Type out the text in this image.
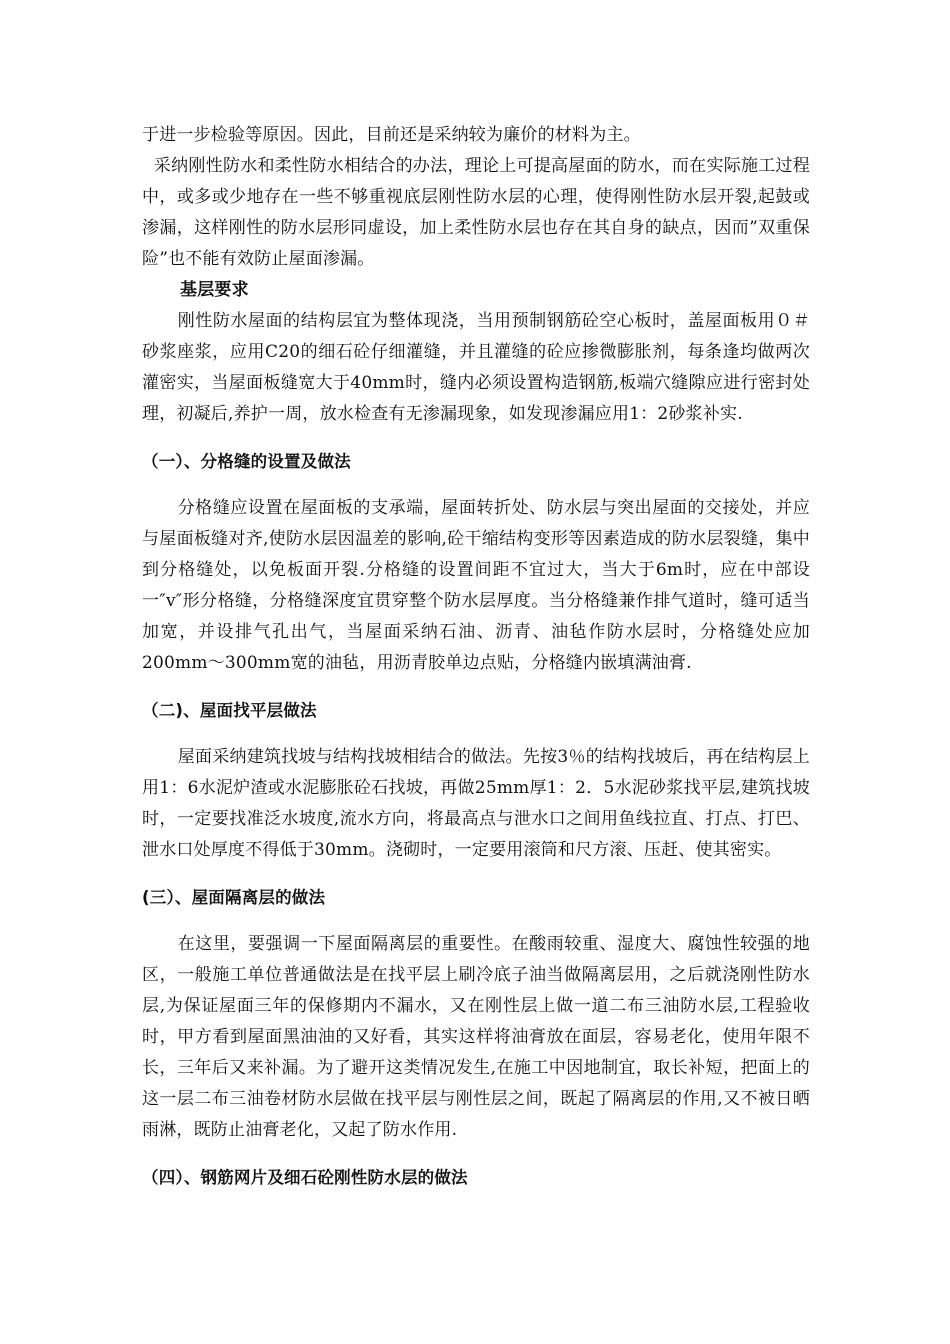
于进一步检验等原因。因此，目前还是采纳较为廉价的材料为主。

采纳刚性防水和柔性防水相结合的办法，理论上可提高屋面的防水，而在实际施工过程中，或多或少地存在一些不够重视底层刚性防水层的心理，使得刚性防水层开裂,起鼓或渗漏，这样刚性的防水层形同虚设，加上柔性防水层也存在其自身的缺点，因而”双重保险”也不能有效防止屋面渗漏。

基层要求

刚性防水屋面的结构层宜为整体现浇，当用预制钢筋砼空心板时，盖屋面板用０＃砂浆座浆，应用C20的细石砼仔细灌缝，并且灌缝的砼应掺微膨胀剂，每条逢均做两次灌密实，当屋面板缝宽大于40mm时，缝内必须设置构造钢筋,板端穴缝隙应进行密封处理，初凝后,养护一周，放水检查有无渗漏现象，如发现渗漏应用1：2砂浆补实.

（一）、分格缝的设置及做法

分格缝应设置在屋面板的支承端，屋面转折处、防水层与突出屋面的交接处，并应与屋面板缝对齐,使防水层因温差的影响,砼干缩结构变形等因素造成的防水层裂缝，集中到分格缝处，以免板面开裂.分格缝的设置间距不宜过大，当大于6m时，应在中部设一″v″形分格缝，分格缝深度宜贯穿整个防水层厚度。当分格缝兼作排气道时，缝可适当加宽，并设排气孔出气，当屋面采纳石油、沥青、油毡作防水层时，分格缝处应加200mm～300mm宽的油毡，用沥青胶单边点贴，分格缝内嵌填满油膏.

（二)、屋面找平层做法

屋面采纳建筑找坡与结构找坡相结合的做法。先按3％的结构找坡后，再在结构层上用1：6水泥炉渣或水泥膨胀砼石找坡，再做25mm厚1：2．5水泥砂浆找平层,建筑找坡时，一定要找准泛水坡度,流水方向，将最高点与泄水口之间用鱼线拉直、打点、打巴、泄水口处厚度不得低于30mm。浇砌时，一定要用滚筒和尺方滚、压赶、使其密实。

(三）、屋面隔离层的做法

在这里，要强调一下屋面隔离层的重要性。在酸雨较重、湿度大、腐蚀性较强的地区，一般施工单位普通做法是在找平层上刷冷底子油当做隔离层用，之后就浇刚性防水层,为保证屋面三年的保修期内不漏水，又在刚性层上做一道二布三油防水层,工程验收时，甲方看到屋面黑油油的又好看，其实这样将油膏放在面层，容易老化，使用年限不长，三年后又来补漏。为了避开这类情况发生,在施工中因地制宜，取长补短，把面上的这一层二布三油卷材防水层做在找平层与刚性层之间，既起了隔离层的作用,又不被日晒雨淋，既防止油膏老化，又起了防水作用.

（四）、钢筋网片及细石砼刚性防水层的做法
